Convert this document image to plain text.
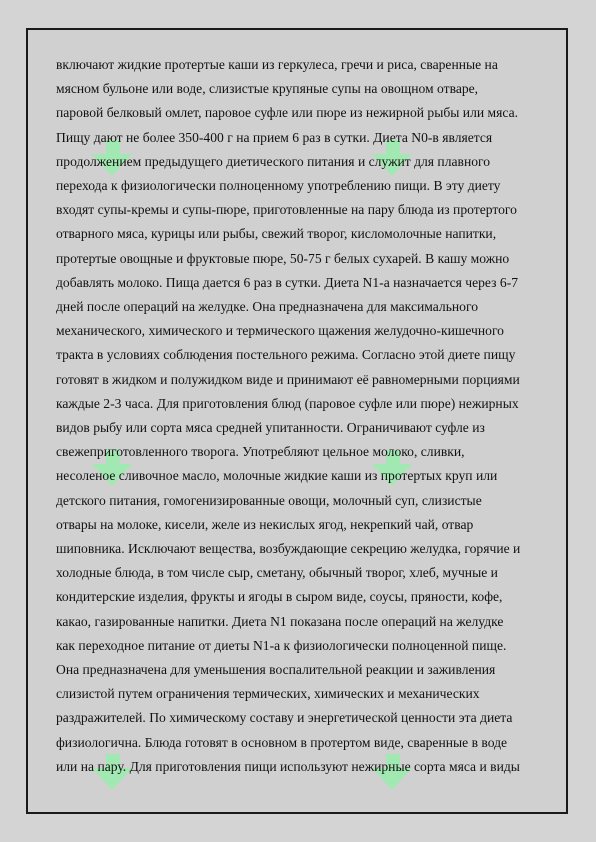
включают жидкие протертые каши из геркулеса, гречи и риса, сваренные на
мясном бульоне или воде, слизистые крупяные супы на овощном отваре,
паровой белковый омлет, паровое суфле или пюре из нежирной рыбы или мяса.
Пищу дают не более 350-400 г на прием 6 раз в сутки. Диета N0-в является
продолжением предыдущего диетического питания и служит для плавного
перехода к физиологически полноценному употреблению пищи. В эту диету
входят супы-кремы и супы-пюре, приготовленные на пару блюда из протертого
отварного мяса, курицы или рыбы, свежий творог, кисломолочные напитки,
протертые овощные и фруктовые пюре, 50-75 г белых сухарей. В кашу можно
добавлять молоко. Пища дается 6 раз в сутки. Диета N1-а назначается через 6-7
дней после операций на желудке. Она предназначена для максимального
механического, химического и термического щажения желудочно-кишечного
тракта в условиях соблюдения постельного режима. Согласно этой диете пищу
готовят в жидком и полужидком виде и принимают её равномерными порциями
каждые 2-3 часа. Для приготовления блюд (паровое суфле или пюре) нежирных
видов рыбу или сорта мяса средней упитанности. Ограничивают суфле из
свежеприготовленного творога. Употребляют цельное молоко, сливки,
несоленое сливочное масло, молочные жидкие каши из протертых круп или
детского питания, гомогенизированные овощи, молочный суп, слизистые
отвары на молоке, кисели, желе из некислых ягод, некрепкий чай, отвар
шиповника. Исключают вещества, возбуждающие секрецию желудка, горячие и
холодные блюда, в том числе сыр, сметану, обычный творог, хлеб, мучные и
кондитерские изделия, фрукты и ягоды в сыром виде, соусы, пряности, кофе,
какао, газированные напитки. Диета N1 показана после операций на желудке
как переходное питание от диеты N1-а к физиологически полноценной пище.
Она предназначена для уменьшения воспалительной реакции и заживления
слизистой путем ограничения термических, химических и механических
раздражителей. По химическому составу и энергетической ценности эта диета
физиологична. Блюда готовят в основном в протертом виде, сваренные в воде
или на пару. Для приготовления пищи используют нежирные сорта мяса и виды
